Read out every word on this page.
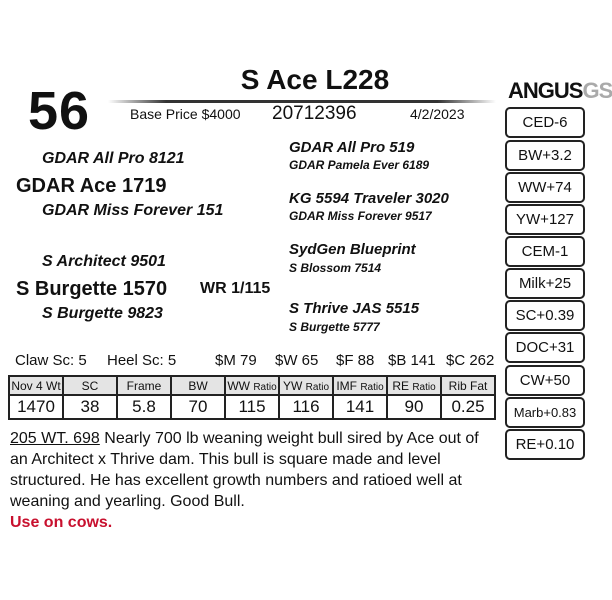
56
S Ace L228
Base Price $4000 20712396	4/2/2023
ANGUSGS
GDAR All Pro 8121
GDAR Ace 1719
GDAR Miss Forever 151
S Architect 9501
S Burgette 1570 WR 1/115
S Burgette 9823
GDAR All Pro 519
GDAR Pamela Ever 6189
KG 5594 Traveler 3020
GDAR Miss Forever 9517
SydGen Blueprint
S Blossom 7514
S Thrive JAS 5515
S Burgette 5777
CED-6
BW+3.2
WW+74
YW+127
CEM-1
Milk+25
SC+0.39
DOC+31
CW+50
Marb+0.83
RE+0.10
Claw Sc: 5 Heel Sc: 5	$M 79 $W 65 $F 88 $B 141 $C 262
Nov 4 Wt	SC	Frame	BW	WW Ratio	YW Ratio	IMF Ratio	RE Ratio	Rib Fat
1470	38	5.8	70	115	116	141	90	0.25
205 WT. 698 Nearly 700 lb weaning weight bull sired by Ace out of an Architect x Thrive dam. This bull is square made and level structured. He has excellent growth numbers and ratioed well at weaning and yearling. Good Bull.
Use on cows.
